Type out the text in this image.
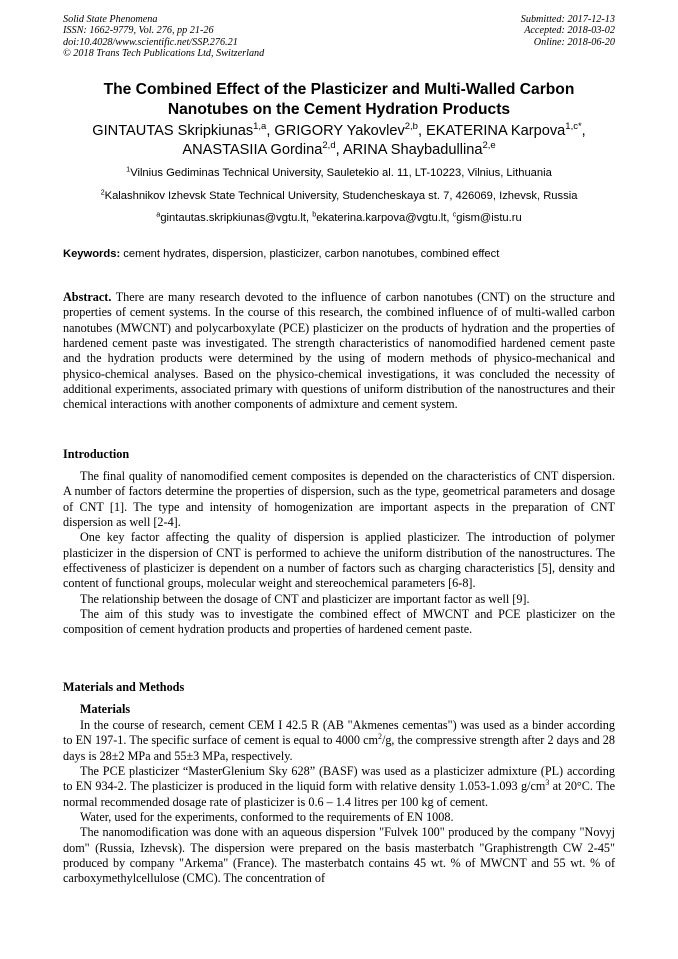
Solid State Phenomena
ISSN: 1662-9779, Vol. 276, pp 21-26
doi:10.4028/www.scientific.net/SSP.276.21
© 2018 Trans Tech Publications Ltd, Switzerland
Submitted: 2017-12-13
Accepted: 2018-03-02
Online: 2018-06-20
The Combined Effect of the Plasticizer and Multi-Walled Carbon
Nanotubes on the Cement Hydration Products
GINTAUTAS Skripkiunas$^{1,a}$, GRIGORY Yakovlev$^{2,b}$, EKATERINA Karpova$^{1,c*}$,
ANASTASIIA Gordina$^{2,d}$, ARINA Shaybadullina$^{2,e}$
$^1$Vilnius Gediminas Technical University, Sauletekio al. 11, LT-10223, Vilnius, Lithuania
$^2$Kalashnikov Izhevsk State Technical University, Studencheskaya st. 7, 426069, Izhevsk, Russia
$^a$gintautas.skripkiunas@vgtu.lt, $^b$ekaterina.karpova@vgtu.lt, $^c$gism@istu.ru
Keywords: cement hydrates, dispersion, plasticizer, carbon nanotubes, combined effect
Abstract. There are many research devoted to the influence of carbon nanotubes (CNT) on the structure and properties of cement systems. In the course of this research, the combined influence of of multi-walled carbon nanotubes (MWCNT) and polycarboxylate (PCE) plasticizer on the products of hydration and the properties of hardened cement paste was investigated. The strength characteristics of nanomodified hardened cement paste and the hydration products were determined by the using of modern methods of physico-mechanical and physico-chemical analyses. Based on the physico-chemical investigations, it was concluded the necessity of additional experiments, associated primary with questions of uniform distribution of the nanostructures and their chemical interactions with another components of admixture and cement system.
Introduction

The final quality of nanomodified cement composites is depended on the characteristics of CNT dispersion. A number of factors determine the properties of dispersion, such as the type, geometrical parameters and dosage of CNT [1]. The type and intensity of homogenization are important aspects in the preparation of CNT dispersion as well [2-4].

One key factor affecting the quality of dispersion is applied plasticizer. The introduction of polymer plasticizer in the dispersion of CNT is performed to achieve the uniform distribution of the nanostructures. The effectiveness of plasticizer is dependent on a number of factors such as charging characteristics [5], density and content of functional groups, molecular weight and stereochemical parameters [6-8].

The relationship between the dosage of CNT and plasticizer are important factor as well [9].

The aim of this study was to investigate the combined effect of MWCNT and PCE plasticizer on the composition of cement hydration products and properties of hardened cement paste.

Materials and Methods
Materials

In the course of research, cement CEM I 42.5 R (AB "Akmenes cementas") was used as a binder according to EN 197-1. The specific surface of cement is equal to 4000 $cm^2/g$, the compressive strength after 2 days and 28 days is 28±2 MPa and 55±3 MPa, respectively.

The PCE plasticizer “MasterGlenium Sky 628” (BASF) was used as a plasticizer admixture (PL) according to EN 934-2. The plasticizer is produced in the liquid form with relative density 1.053-1.093 $g/cm^3$ at 20°C. The normal recommended dosage rate of plasticizer is 0.6 – 1.4 litres per 100 kg of cement.

Water, used for the experiments, conformed to the requirements of EN 1008.

The nanomodification was done with an aqueous dispersion "Fulvek 100" produced by the company "Novyj dom" (Russia, Izhevsk). The dispersion were prepared on the basis masterbatch "Graphistrength CW 2-45" produced by company "Arkema" (France). The masterbatch contains 45 wt. % of MWCNT and 55 wt. % of carboxymethylcellulose (CMC). The concentration of
